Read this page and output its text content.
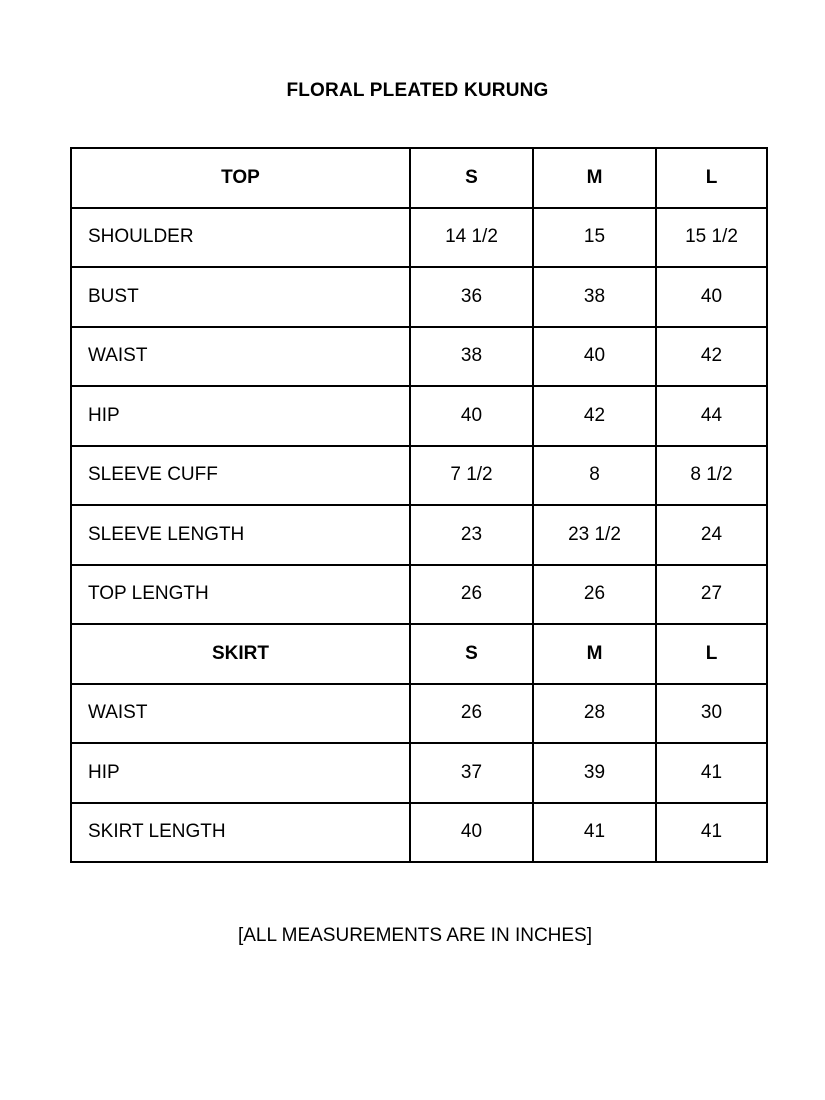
FLORAL PLEATED KURUNG
TOP	S	M	L
SHOULDER	14 1/2	15	15 1/2
BUST	36	38	40
WAIST	38	40	42
HIP	40	42	44
SLEEVE CUFF	7 1/2	8	8 1/2
SLEEVE LENGTH	23	23 1/2	24
TOP LENGTH	26	26	27
SKIRT	S	M	L
WAIST	26	28	30
HIP	37	39	41
SKIRT LENGTH	40	41	41
[ALL MEASUREMENTS ARE IN INCHES]
